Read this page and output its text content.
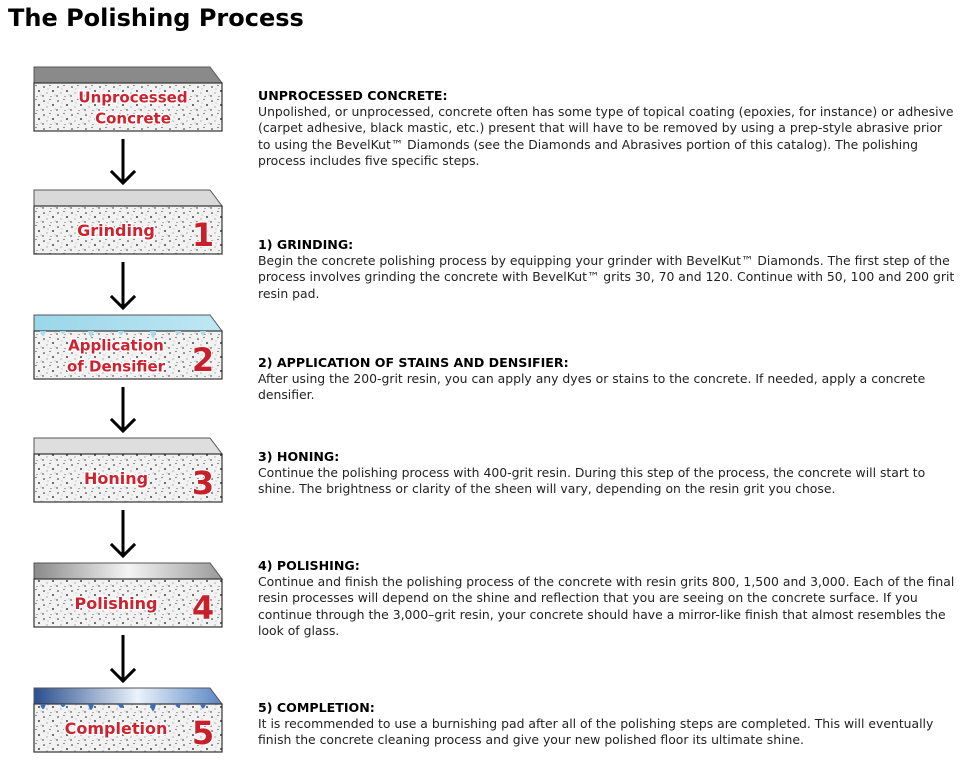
The Polishing Process
Unprocessed
Concrete
Grinding 1
Application
of Densifier 2
Honing 3
Polishing 4
Completion 5
UNPROCESSED CONCRETE:
Unpolished, or unprocessed, concrete often has some type of topical coating (epoxies, for instance) or adhesive (carpet adhesive, black mastic, etc.) present that will have to be removed by using a prep-style abrasive prior to using the BevelKut™ Diamonds (see the Diamonds and Abrasives portion of this catalog). The polishing process includes five specific steps.
1) GRINDING:
Begin the concrete polishing process by equipping your grinder with BevelKut™ Diamonds. The first step of the process involves grinding the concrete with BevelKut™ grits 30, 70 and 120. Continue with 50, 100 and 200 grit resin pad.
2) APPLICATION OF STAINS AND DENSIFIER:
After using the 200-grit resin, you can apply any dyes or stains to the concrete. If needed, apply a concrete densifier.
3) HONING:
Continue the polishing process with 400-grit resin. During this step of the process, the concrete will start to shine. The brightness or clarity of the sheen will vary, depending on the resin grit you chose.
4) POLISHING:
Continue and finish the polishing process of the concrete with resin grits 800, 1,500 and 3,000. Each of the final resin processes will depend on the shine and reflection that you are seeing on the concrete surface. If you continue through the 3,000–grit resin, your concrete should have a mirror-like finish that almost resembles the look of glass.
5) COMPLETION:
It is recommended to use a burnishing pad after all of the polishing steps are completed. This will eventually finish the concrete cleaning process and give your new polished floor its ultimate shine.
